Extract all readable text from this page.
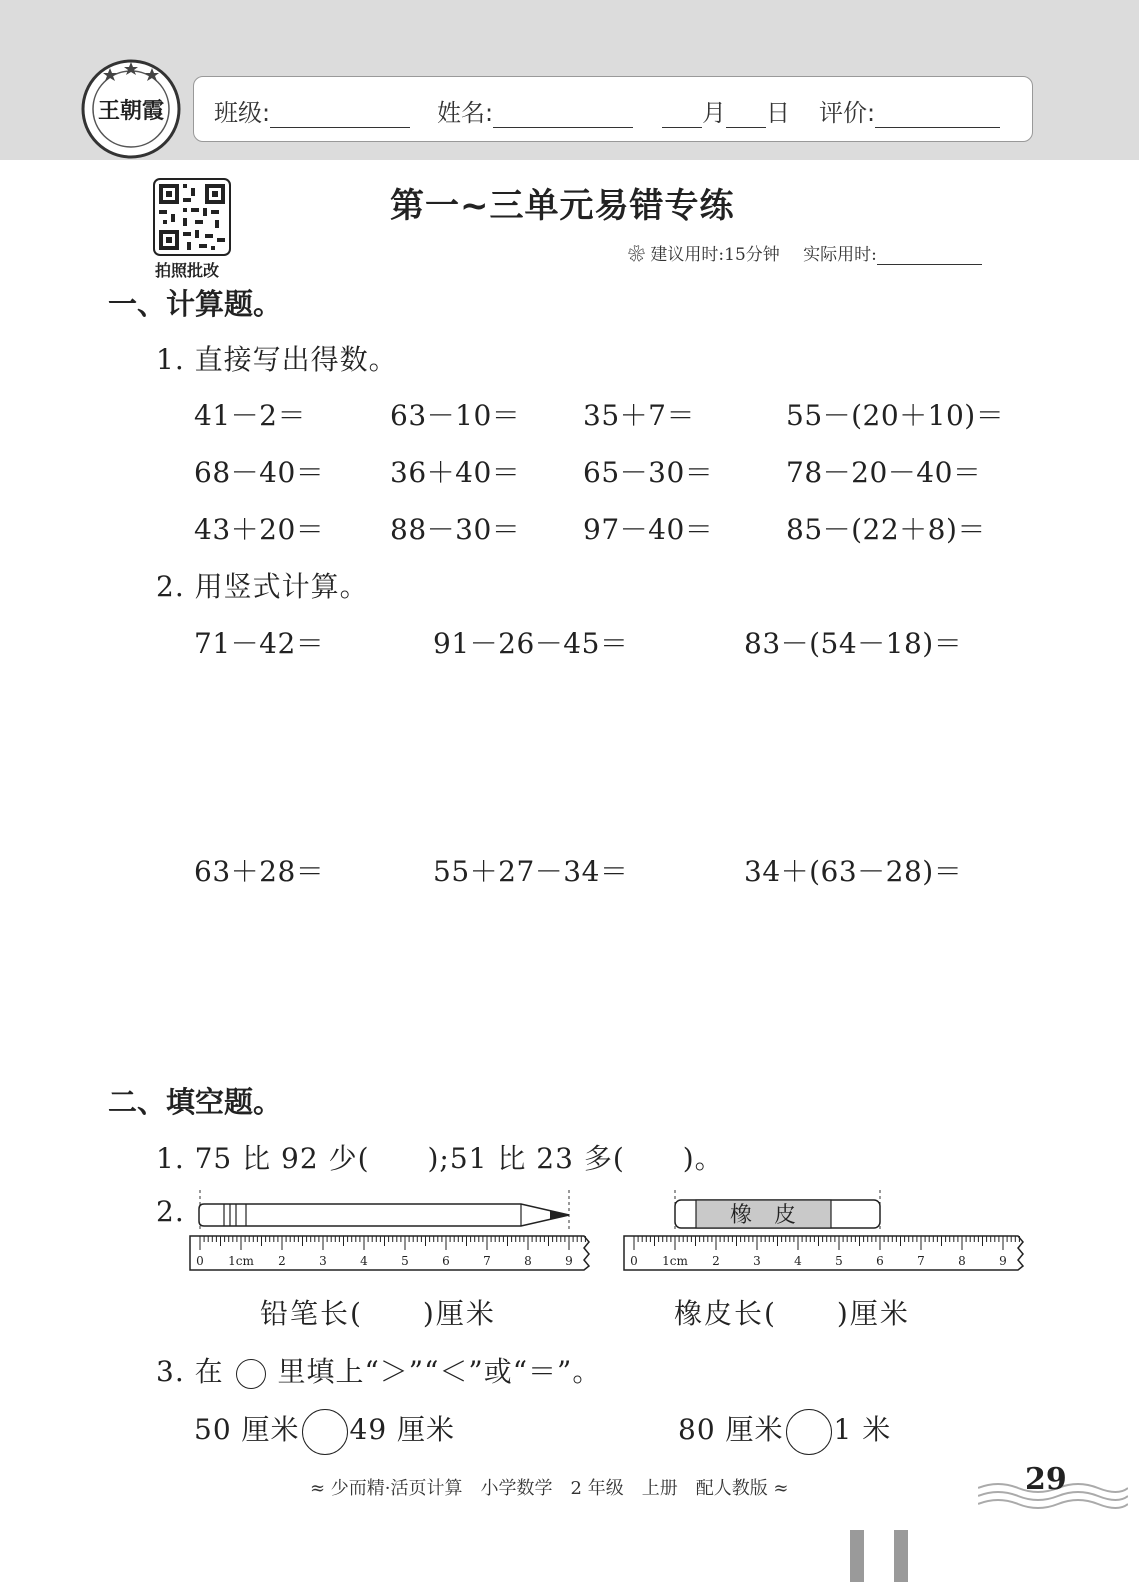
王朝霞 班级:	姓名:	月 日 评价:
拍照批改
第一~三单元易错专练
❀ 建议用时:15分钟 实际用时:
一、计算题。
1. 直接写出得数。
41－2＝	63－10＝ 35＋7＝	55－(20＋10)＝
68－40＝ 36＋40＝ 65－30＝	78－20－40＝
43＋20＝ 88－30＝ 97－40＝	85－(22＋8)＝
2. 用竖式计算。
71－42＝	91－26－45＝	83－(54－18)＝
63＋28＝	55＋27－34＝	34＋(63－28)＝
二、填空题。
1. 75 比 92 少(　　);51 比 23 多(　　)。
2.
0 1cm 2	3	4	5	6	7	8	9
橡　皮
0 1cm 2	3	4	5	6	7	8	9
铅笔长(　　)厘米	橡皮长(　　)厘米
3. 在 里填上“＞”“＜”或“＝”。
50 厘米 49 厘米	80 厘米 1 米
≈ 少而精·活页计算　小学数学　2 年级　上册　配人教版 ≈	29
